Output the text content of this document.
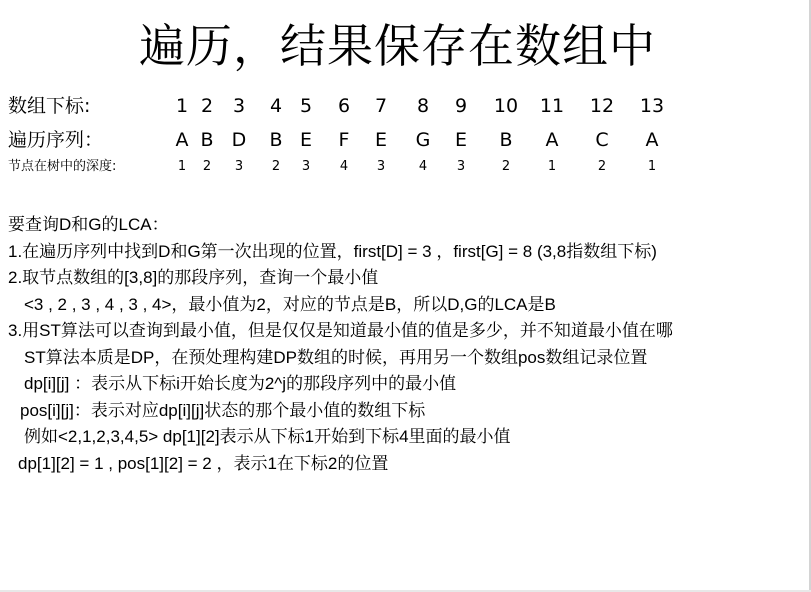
遍历，结果保存在数组中
数组下标:	1 2 3 4 5 6 7 8 9 10 11 12 13
遍历序列：	A B D B E F E G E B A C A
节点在树中的深度:	1 2 3 2 3 4 3	4 3	2	1	2	1
要查询D和G的LCA：
1.在遍历序列中找到D和G第一次出现的位置，first[D] = 3 ，first[G] = 8 (3,8指数组下标)
2.取节点数组的[3,8]的那段序列，查询一个最小值
<3 , 2 , 3 , 4 , 3 , 4>，最小值为2，对应的节点是B，所以D,G的LCA是B
3.用ST算法可以查询到最小值，但是仅仅是知道最小值的值是多少，并不知道最小值在哪
ST算法本质是DP，在预处理构建DP数组的时候，再用另一个数组pos数组记录位置
dp[i][j] ：表示从下标i开始长度为2^j的那段序列中的最小值
pos[i][j]：表示对应dp[i][j]状态的那个最小值的数组下标
例如<2,1,2,3,4,5> dp[1][2]表示从下标1开始到下标4里面的最小值
dp[1][2] = 1 , pos[1][2] = 2 ，表示1在下标2的位置
